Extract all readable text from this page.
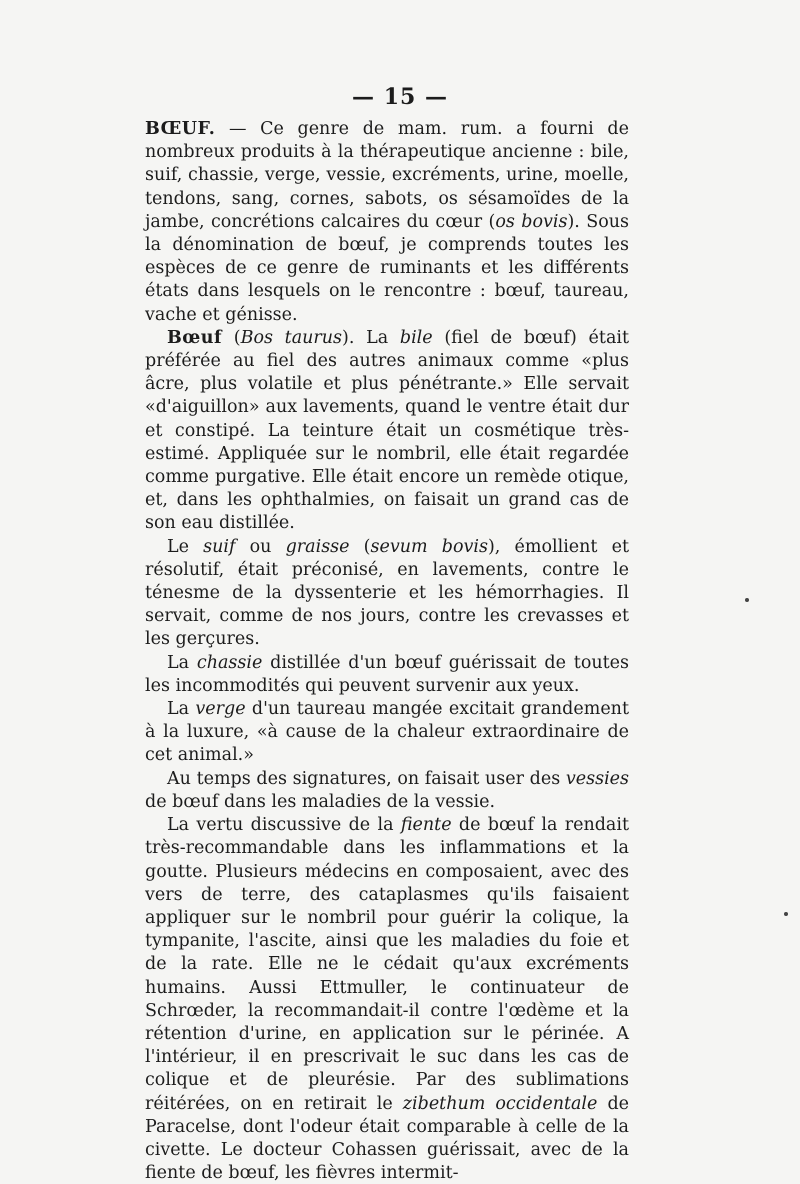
— 15 —

BŒUF. — Ce genre de mam. rum. a fourni de nombreux produits à la thérapeutique ancienne : bile, suif, chassie, verge, vessie, excréments, urine, moelle, tendons, sang, cornes, sabots, os sésamoïdes de la jambe, concrétions calcaires du cœur (os bovis). Sous la dénomination de bœuf, je comprends toutes les espèces de ce genre de ruminants et les différents états dans lesquels on le rencontre : bœuf, taureau, vache et génisse.

Bœuf (Bos taurus). La bile (fiel de bœuf) était préférée au fiel des autres animaux comme «plus âcre, plus volatile et plus pénétrante.» Elle servait «d'aiguillon» aux lavements, quand le ventre était dur et constipé. La teinture était un cosmétique très-estimé. Appliquée sur le nombril, elle était regardée comme purgative. Elle était encore un remède otique, et, dans les ophthalmies, on faisait un grand cas de son eau distillée.

Le suif ou graisse (sevum bovis), émollient et résolutif, était préconisé, en lavements, contre le ténesme de la dyssenterie et les hémorrhagies. Il servait, comme de nos jours, contre les crevasses et les gerçures.

La chassie distillée d'un bœuf guérissait de toutes les incommodités qui peuvent survenir aux yeux.

La verge d'un taureau mangée excitait grandement à la luxure, «à cause de la chaleur extraordinaire de cet animal.»

Au temps des signatures, on faisait user des vessies de bœuf dans les maladies de la vessie.

La vertu discussive de la fiente de bœuf la rendait très-recommandable dans les inflammations et la goutte. Plusieurs médecins en composaient, avec des vers de terre, des cataplasmes qu'ils faisaient appliquer sur le nombril pour guérir la colique, la tympanite, l'ascite, ainsi que les maladies du foie et de la rate. Elle ne le cédait qu'aux excréments humains. Aussi Ettmuller, le continuateur de Schrœder, la recommandait-il contre l'œdème et la rétention d'urine, en application sur le périnée. A l'intérieur, il en prescrivait le suc dans les cas de colique et de pleurésie. Par des sublimations réitérées, on en retirait le zibethum occidentale de Paracelse, dont l'odeur était comparable à celle de la civette. Le docteur Cohassen guérissait, avec de la fiente de bœuf, les fièvres intermit-
